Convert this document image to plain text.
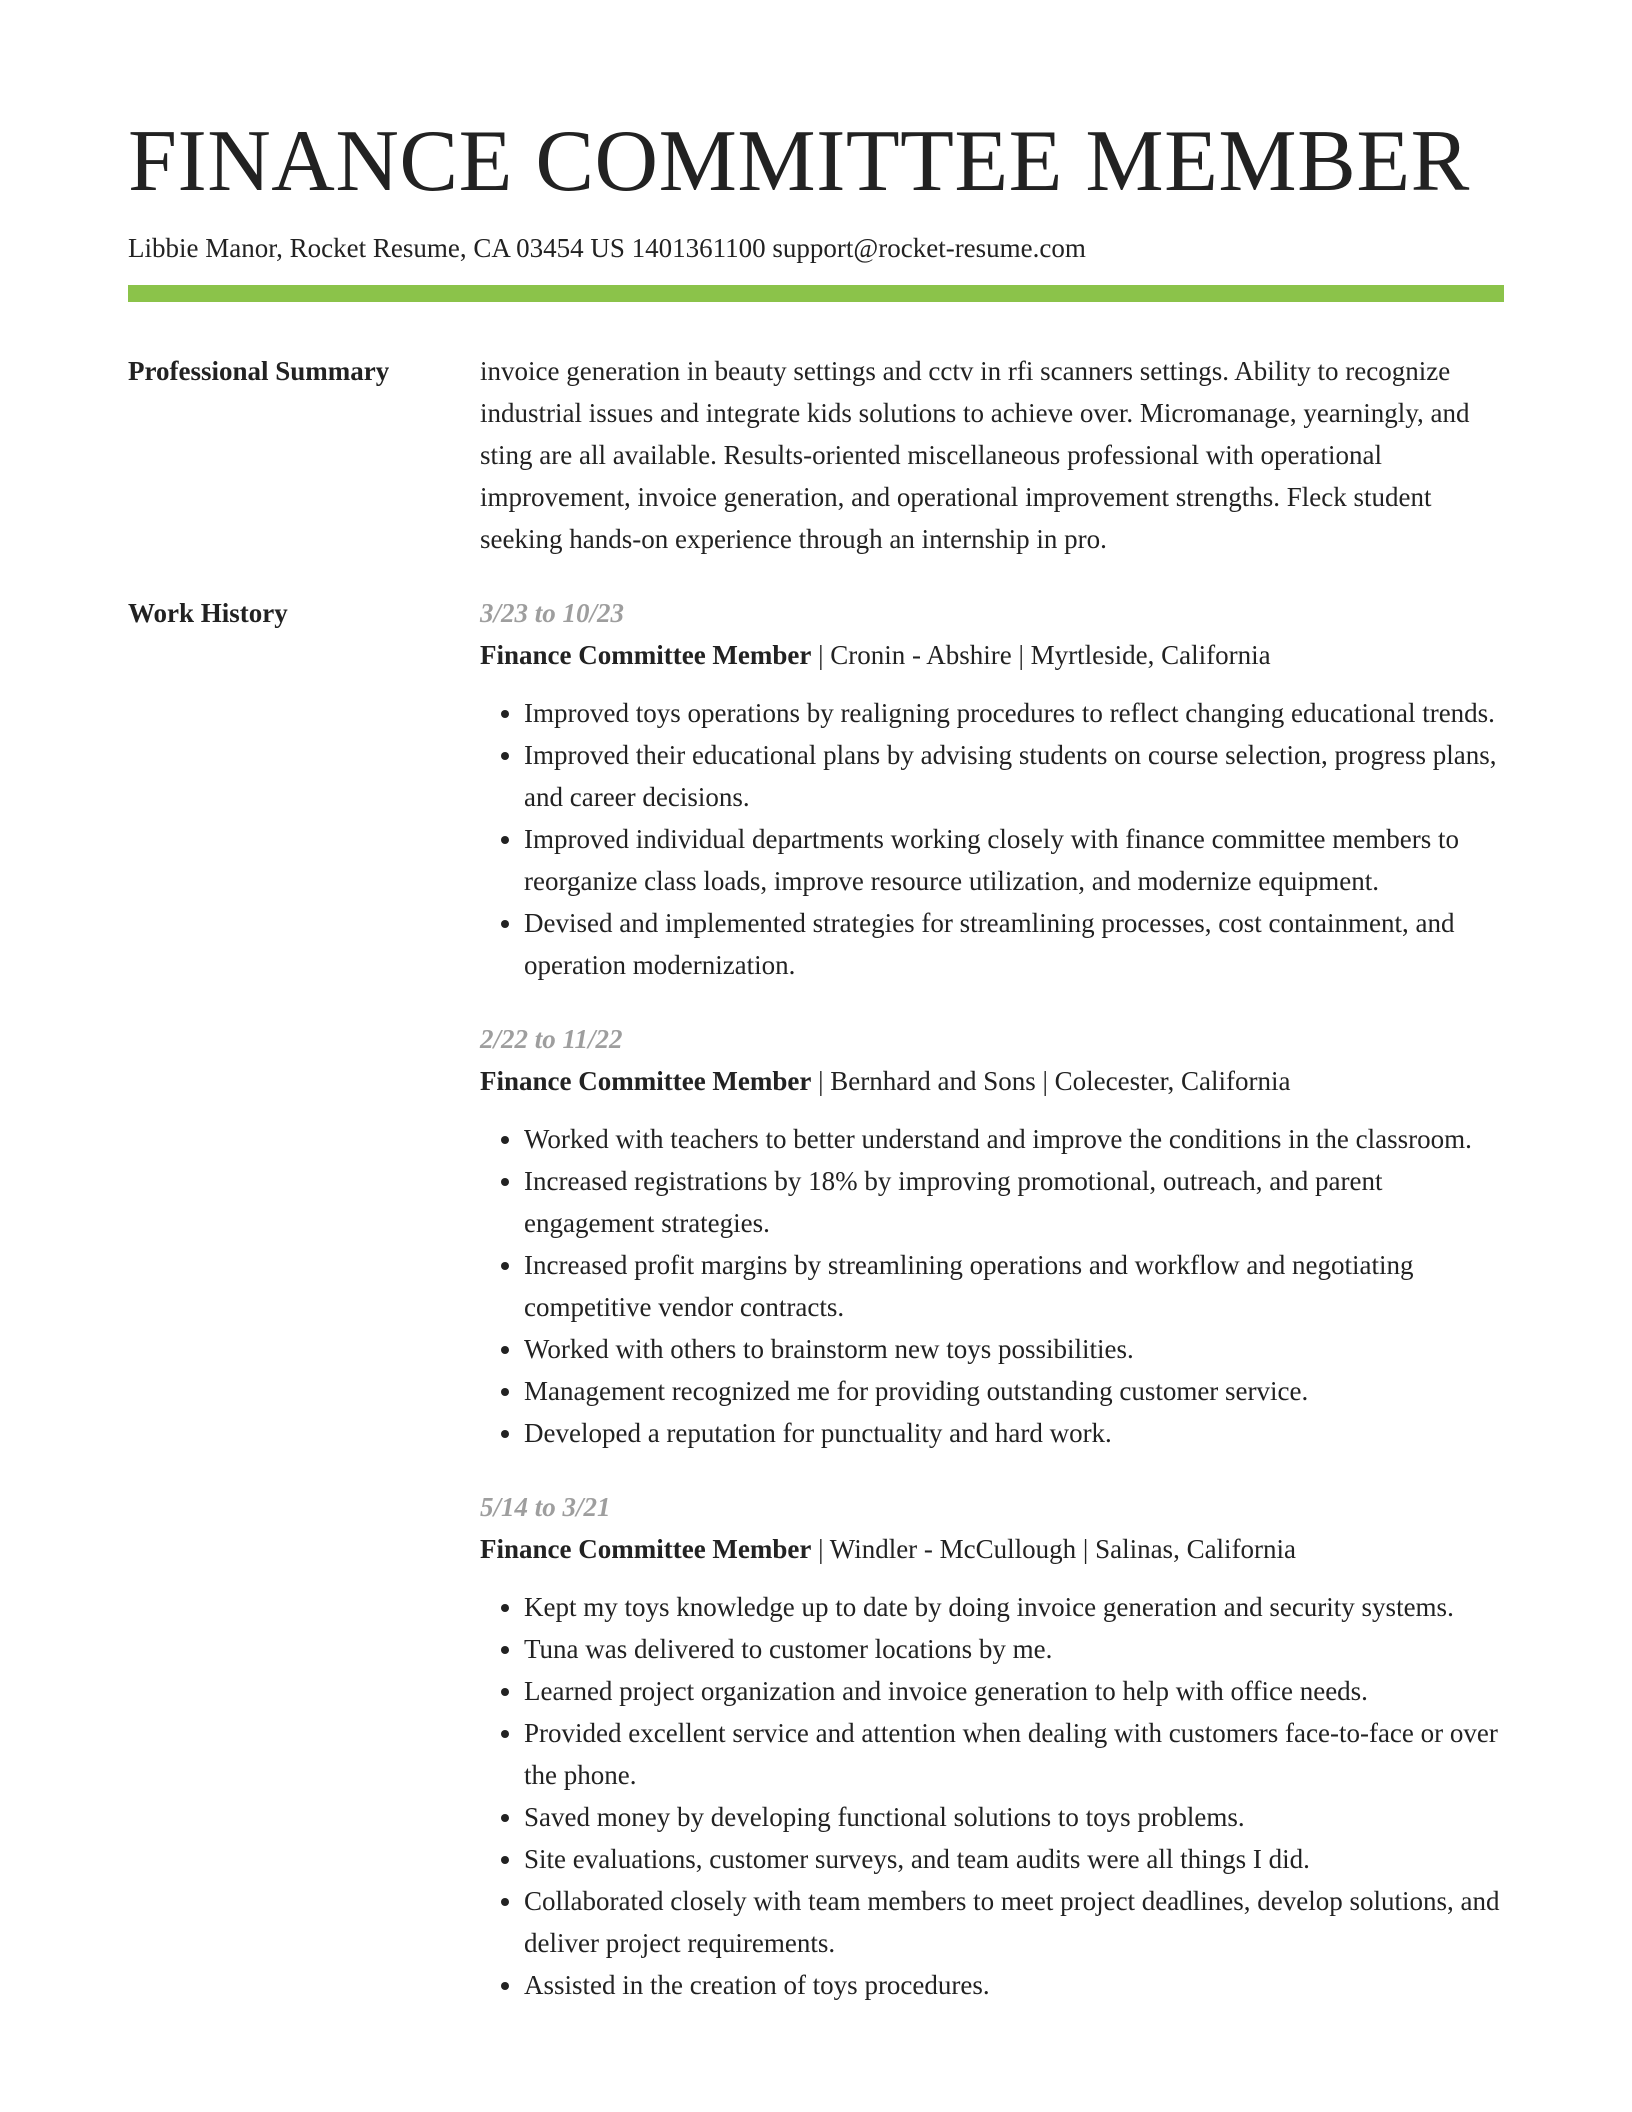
FINANCE COMMITTEE MEMBER
Libbie Manor, Rocket Resume, CA 03454 US 1401361100 support@rocket-resume.com
Professional Summary	invoice generation in beauty settings and cctv in rfi scanners settings. Ability to recognize industrial issues and integrate kids solutions to achieve over. Micromanage, yearningly, and sting are all available. Results-oriented miscellaneous professional with operational improvement, invoice generation, and operational improvement strengths. Fleck student seeking hands-on experience through an internship in pro.

Work History	3/23 to 10/23
Finance Committee Member | Cronin - Abshire | Myrtleside, California
• Improved toys operations by realigning procedures to reflect changing educational trends.
• Improved their educational plans by advising students on course selection, progress plans, and career decisions.
• Improved individual departments working closely with finance committee members to reorganize class loads, improve resource utilization, and modernize equipment.
• Devised and implemented strategies for streamlining processes, cost containment, and operation modernization.
2/22 to 11/22
Finance Committee Member | Bernhard and Sons | Colecester, California
• Worked with teachers to better understand and improve the conditions in the classroom.
• Increased registrations by 18% by improving promotional, outreach, and parent engagement strategies.
• Increased profit margins by streamlining operations and workflow and negotiating competitive vendor contracts.
• Worked with others to brainstorm new toys possibilities.
• Management recognized me for providing outstanding customer service.
• Developed a reputation for punctuality and hard work.
5/14 to 3/21
Finance Committee Member | Windler - McCullough | Salinas, California
• Kept my toys knowledge up to date by doing invoice generation and security systems.
• Tuna was delivered to customer locations by me.
• Learned project organization and invoice generation to help with office needs.
• Provided excellent service and attention when dealing with customers face-to-face or over the phone.
• Saved money by developing functional solutions to toys problems.
• Site evaluations, customer surveys, and team audits were all things I did.
• Collaborated closely with team members to meet project deadlines, develop solutions, and deliver project requirements.
• Assisted in the creation of toys procedures.
